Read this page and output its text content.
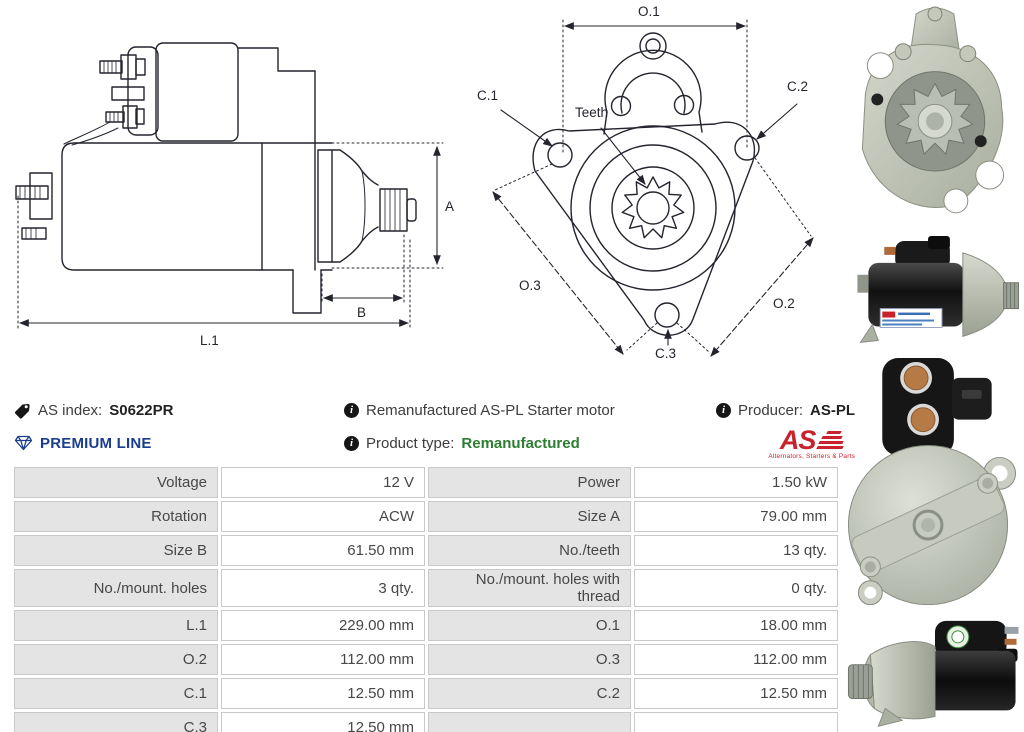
A
B
L.1
O.1
C.1
C.2
Teeth
O.3
O.2
C.3
AS index: S0622PR	i Remanufactured AS-PL Starter motor	i Producer: AS-PL
PREMIUM LINE	i Product type: Remanufactured	AS
Alternators, Starters & Parts
Voltage	12 V	Power	1.50 kW
Rotation	ACW	Size A	79.00 mm
Size B	61.50 mm	No./teeth	13 qty.
No./mount. holes	3 qty.	No./mount. holes with thread	0 qty.
L.1	229.00 mm	O.1	18.00 mm
O.2	112.00 mm	O.3	112.00 mm
C.1	12.50 mm	C.2	12.50 mm
C.3	12.50 mm
